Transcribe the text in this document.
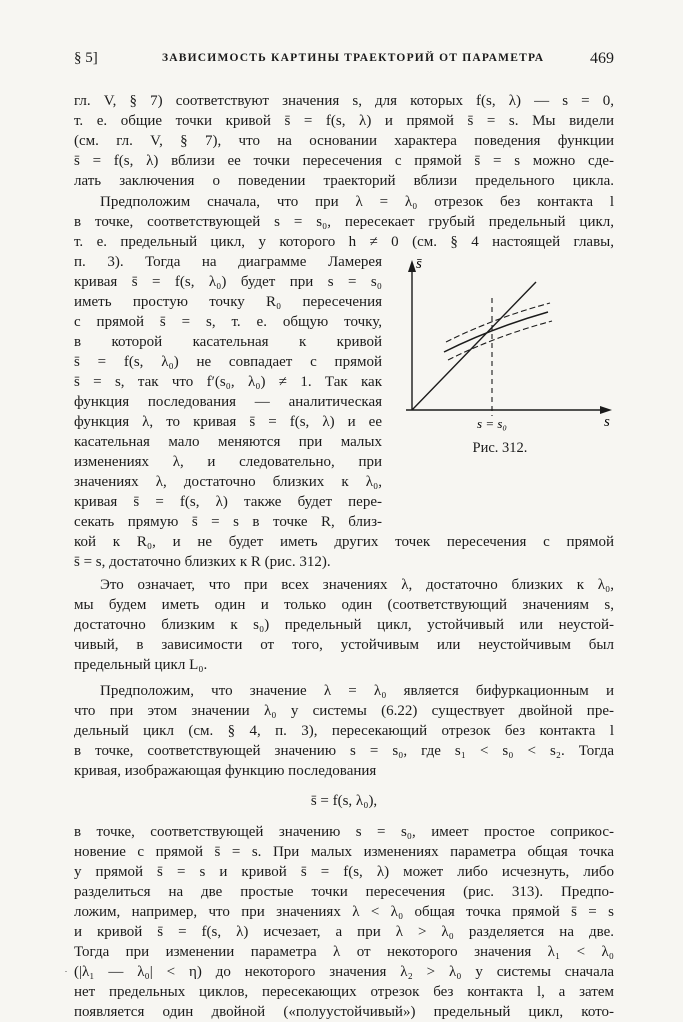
§ 5]	ЗАВИСИМОСТЬ КАРТИНЫ ТРАЕКТОРИЙ ОТ ПАРАМЕТРА	469
гл. V, § 7) соответствуют значения s, для которых f(s, λ) — s = 0,
т. е. общие точки кривой s̄ = f(s, λ) и прямой s̄ = s. Мы видели
(см. гл. V, § 7), что на основании характера поведения функции
s̄ = f(s, λ) вблизи ее точки пересечения с прямой s̄ = s можно сде-
лать заключения о поведении траекторий вблизи предельного цикла.
Предположим сначала, что при λ = λ₀ отрезок без контакта l
в точке, соответствующей s = s₀, пересекает грубый предельный цикл,
т. е. предельный цикл, у которого h ≠ 0 (см. § 4 настоящей главы,
п. 3). Тогда на диаграмме Ламерея
кривая s̄ = f(s, λ₀) будет при s = s₀
иметь простую точку R₀ пересечения
с прямой s̄ = s, т. е. общую точку,
в которой касательная к кривой
s̄ = f(s, λ₀) не совпадает с прямой
s̄ = s, так что f′(s₀, λ₀) ≠ 1. Так как
функция последования — аналитическая
функция λ, то кривая s̄ = f(s, λ) и ее
касательная мало меняются при малых
изменениях λ, и следовательно, при
значениях λ, достаточно близких к λ₀,
кривая s̄ = f(s, λ) также будет пере-
секать прямую s̄ = s в точке R, близ-
кой к R₀, и не будет иметь других точек пересечения с прямой
s̄ = s, достаточно близких к R (рис. 312).
Это означает, что при всех значениях λ, достаточно близких к λ₀,
мы будем иметь один и только один (соответствующий значениям s,
достаточно близким к s₀) предельный цикл, устойчивый или неустой-
чивый, в зависимости от того, устойчивым или неустойчивым был
предельный цикл L₀.
Предположим, что значение λ = λ₀ является бифуркационным и
что при этом значении λ₀ у системы (6.22) существует двойной пре-
дельный цикл (см. § 4, п. 3), пересекающий отрезок без контакта l
в точке, соответствующей значению s = s₀, где s₁ < s₀ < s₂. Тогда
кривая, изображающая функцию последования
s̄ = f(s, λ₀),
в точке, соответствующей значению s = s₀, имеет простое соприкос-
новение с прямой s̄ = s. При малых изменениях параметра общая точка
у прямой s̄ = s и кривой s̄ = f(s, λ) может либо исчезнуть, либо
разделиться на две простые точки пересечения (рис. 313). Предпо-
ложим, например, что при значениях λ < λ₀ общая точка прямой s̄ = s
и кривой s̄ = f(s, λ) исчезает, а при λ > λ₀ разделяется на две.
Тогда при изменении параметра λ от некоторого значения λ₁ < λ₀
(|λ₁ — λ₀| < η) до некоторого значения λ₂ > λ₀ у системы сначала
нет предельных циклов, пересекающих отрезок без контакта l, а затем
появляется один двойной («полуустойчивый») предельный цикл, кото-
s̄
s
s = s₀
Рис. 312.
.
